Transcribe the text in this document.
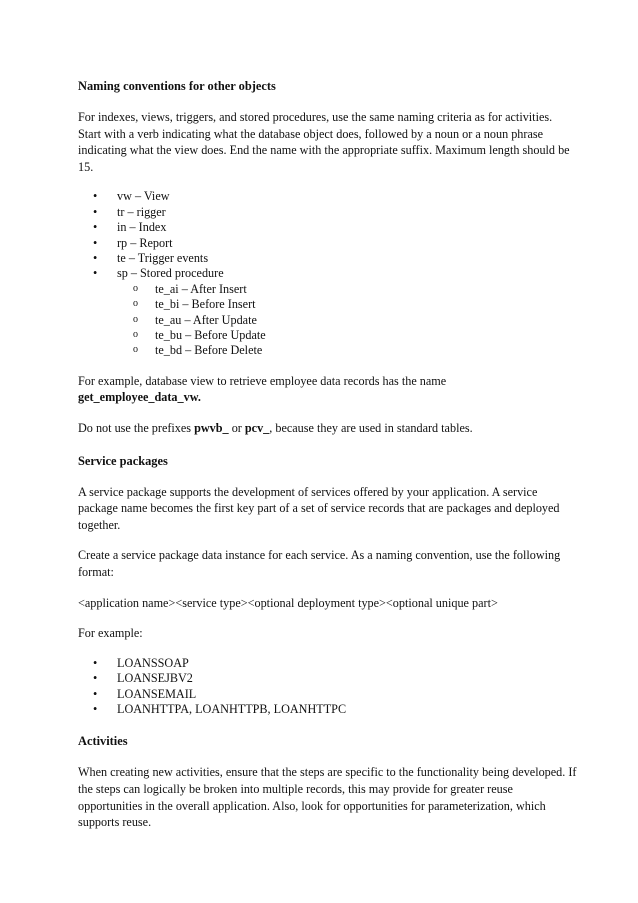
Naming conventions for other objects

For indexes, views, triggers, and stored procedures, use the same naming criteria as for activities. Start with a verb indicating what the database object does, followed by a noun or a noun phrase indicating what the view does. End the name with the appropriate suffix. Maximum length should be 15.

• vw – View
• tr – rigger
• in – Index
• rp – Report
• te – Trigger events
• sp – Stored procedure
o te_ai – After Insert
o te_bi – Before Insert
o te_au – After Update
o te_bu – Before Update
o te_bd – Before Delete

For example, database view to retrieve employee data records has the name
get_employee_data_vw.

Do not use the prefixes pwvb_ or pcv_, because they are used in standard tables.

Service packages

A service package supports the development of services offered by your application. A service package name becomes the first key part of a set of service records that are packages and deployed together.

Create a service package data instance for each service. As a naming convention, use the following format:

<application name><service type><optional deployment type><optional unique part>

For example:

• LOANSSOAP
• LOANSEJBV2
• LOANSEMAIL
• LOANHTTPA, LOANHTTPB, LOANHTTPC
Activities

When creating new activities, ensure that the steps are specific to the functionality being developed. If the steps can logically be broken into multiple records, this may provide for greater reuse opportunities in the overall application. Also, look for opportunities for parameterization, which supports reuse.
